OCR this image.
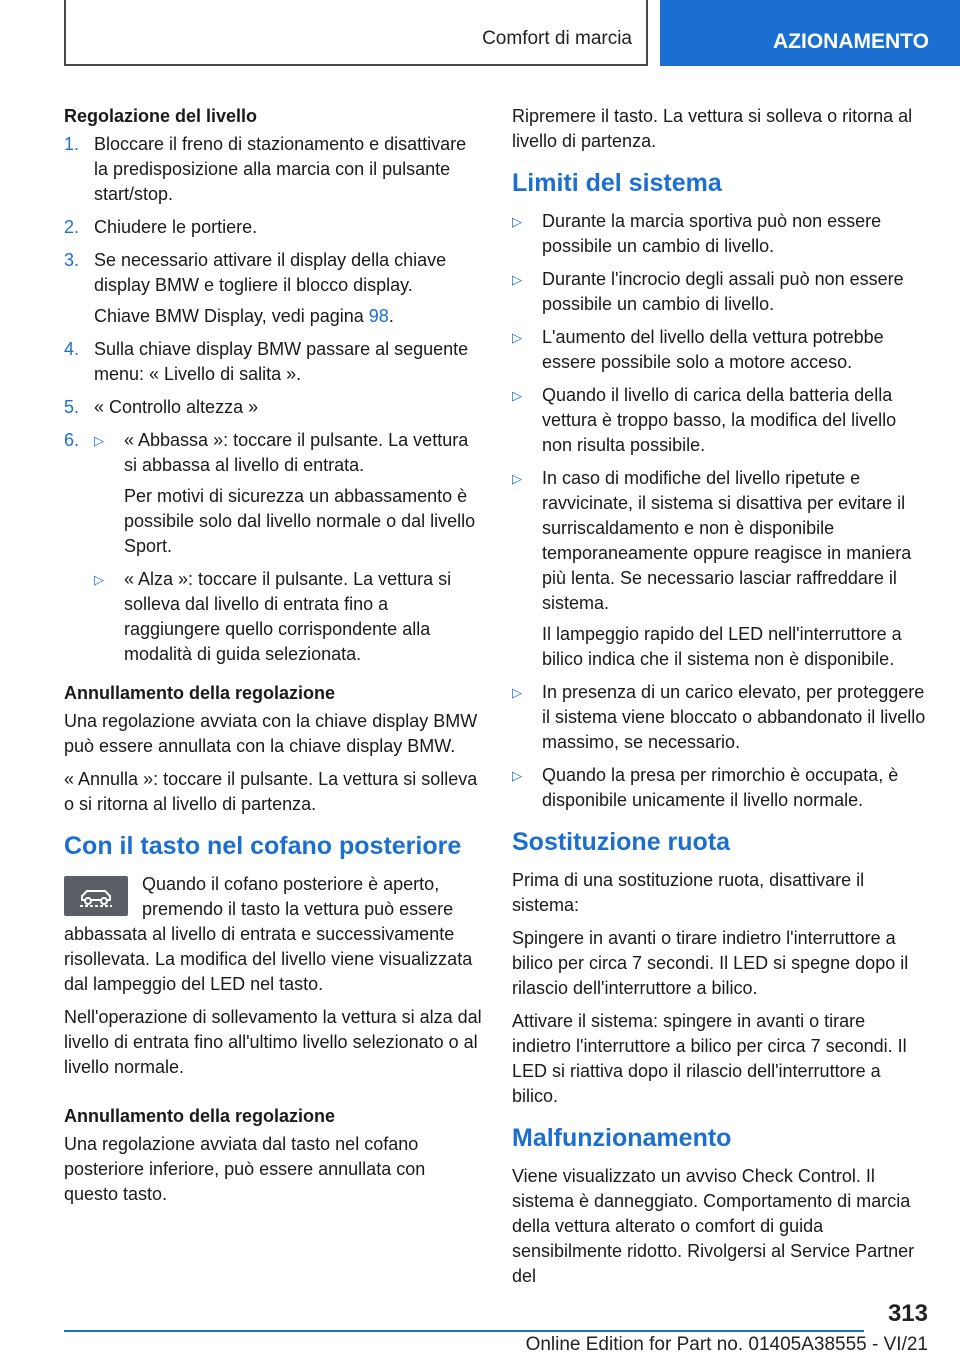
Comfort di marcia	AZIONAMENTO
Regolazione del livello
1. Bloccare il freno di stazionamento e disattivare la predisposizione alla marcia con il pulsante start/stop.
2. Chiudere le portiere.
3. Se necessario attivare il display della chiave display BMW e togliere il blocco display.
Chiave BMW Display, vedi pagina 98.
4. Sulla chiave display BMW passare al seguente menu: « Livello di salita ».
5. « Controllo altezza »
6. ▷ « Abbassa »: toccare il pulsante. La vettura si abbassa al livello di entrata.
Per motivi di sicurezza un abbassamento è possibile solo dal livello normale o dal livello Sport.
▷ « Alza »: toccare il pulsante. La vettura si solleva dal livello di entrata fino a raggiungere quello corrispondente alla modalità di guida selezionata.
Annullamento della regolazione

Una regolazione avviata con la chiave display BMW può essere annullata con la chiave display BMW.

« Annulla »: toccare il pulsante. La vettura si solleva o si ritorna al livello di partenza.

Con il tasto nel cofano posteriore

Quando il cofano posteriore è aperto, premendo il tasto la vettura può essere abbassata al livello di entrata e successivamente risollevata. La modifica del livello viene visualizzata dal lampeggio del LED nel tasto.

Nell'operazione di sollevamento la vettura si alza dal livello di entrata fino all'ultimo livello selezionato o al livello normale.

Annullamento della regolazione

Una regolazione avviata dal tasto nel cofano posteriore inferiore, può essere annullata con questo tasto.

Ripremere il tasto. La vettura si solleva o ritorna al livello di partenza.

Limiti del sistema
▷ Durante la marcia sportiva può non essere possibile un cambio di livello.
▷ Durante l'incrocio degli assali può non essere possibile un cambio di livello.
▷ L'aumento del livello della vettura potrebbe essere possibile solo a motore acceso.
▷ Quando il livello di carica della batteria della vettura è troppo basso, la modifica del livello non risulta possibile.
▷ In caso di modifiche del livello ripetute e ravvicinate, il sistema si disattiva per evitare il surriscaldamento e non è disponibile temporaneamente oppure reagisce in maniera più lenta. Se necessario lasciar raffreddare il sistema.
Il lampeggio rapido del LED nell'interruttore a bilico indica che il sistema non è disponibile.
▷ In presenza di un carico elevato, per proteggere il sistema viene bloccato o abbandonato il livello massimo, se necessario.
▷ Quando la presa per rimorchio è occupata, è disponibile unicamente il livello normale.
Sostituzione ruota

Prima di una sostituzione ruota, disattivare il sistema:

Spingere in avanti o tirare indietro l'interruttore a bilico per circa 7 secondi. Il LED si spegne dopo il rilascio dell'interruttore a bilico.

Attivare il sistema: spingere in avanti o tirare indietro l'interruttore a bilico per circa 7 secondi. Il LED si riattiva dopo il rilascio dell'interruttore a bilico.

Malfunzionamento

Viene visualizzato un avviso Check Control. Il sistema è danneggiato. Comportamento di marcia della vettura alterato o comfort di guida sensibilmente ridotto. Rivolgersi al Service Partner del

313
Online Edition for Part no. 01405A38555 - VI/21
